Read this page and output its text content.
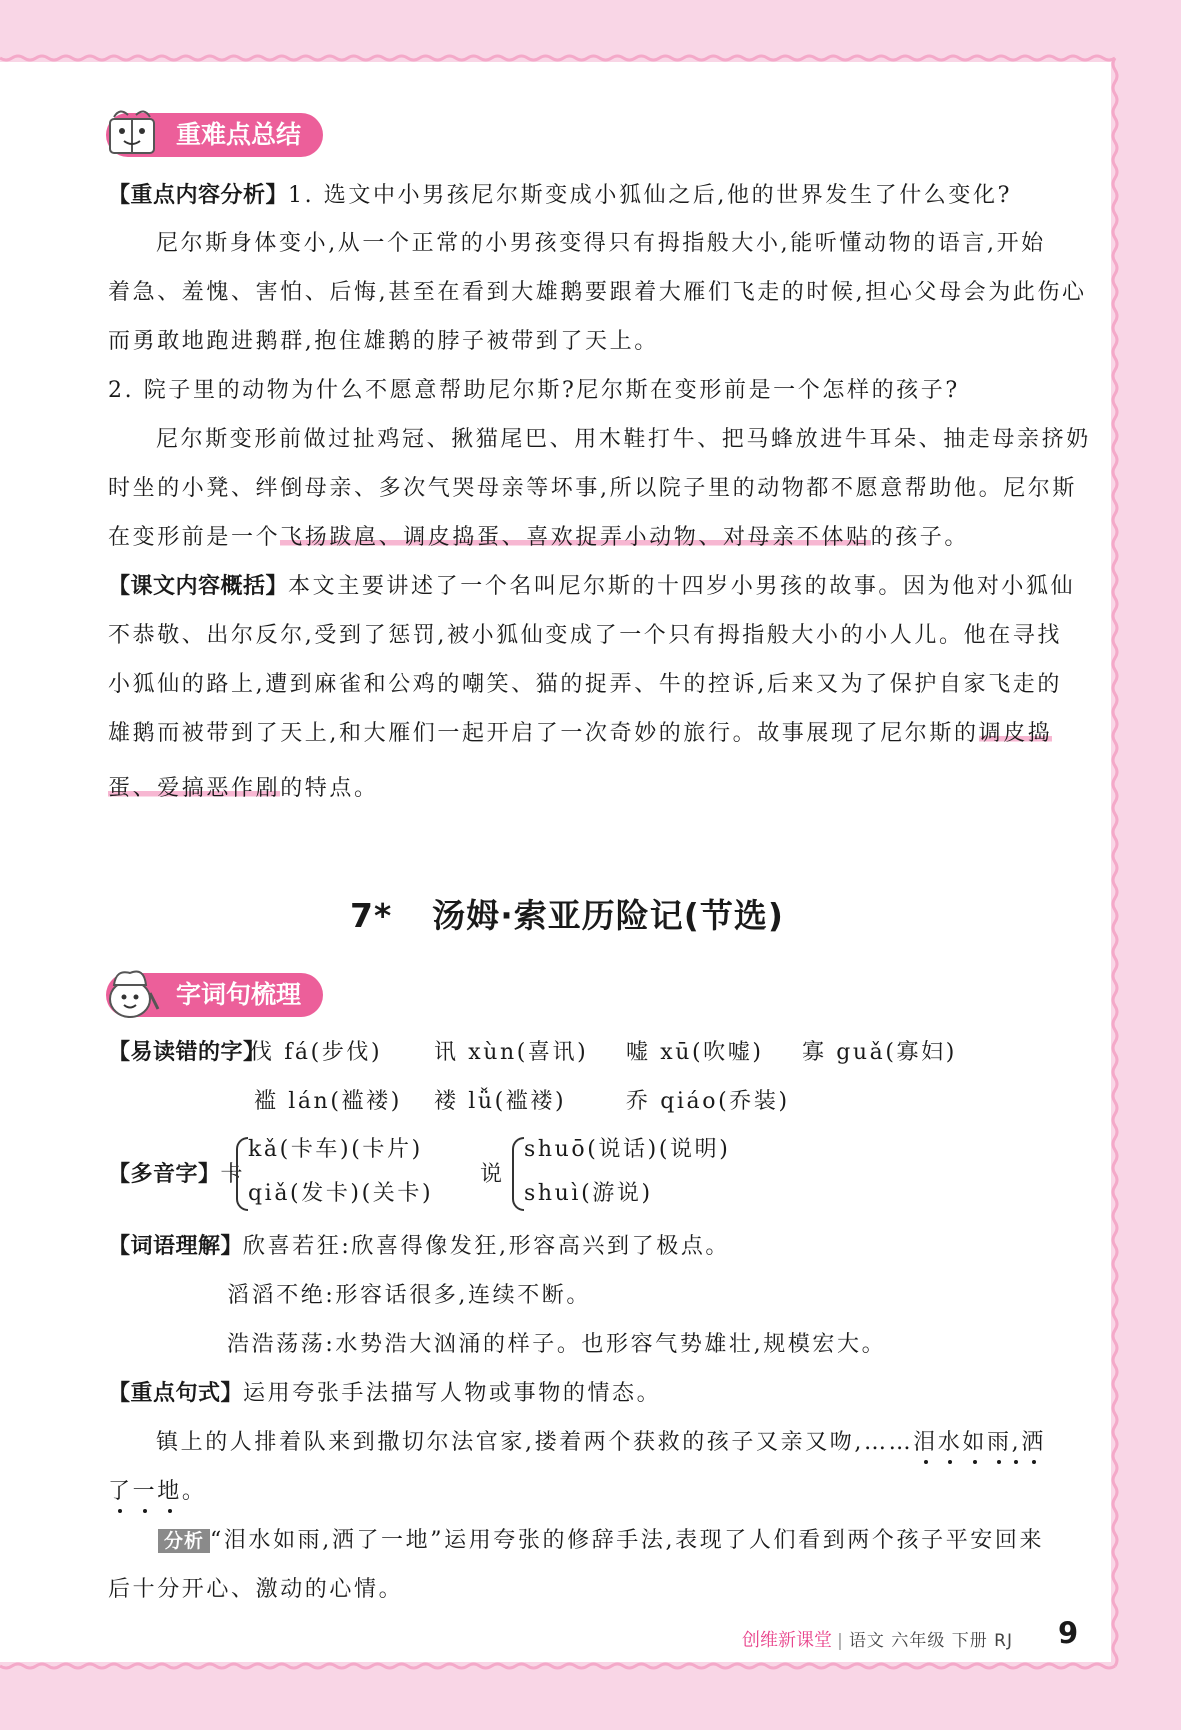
重难点总结
【重点内容分析】1. 选文中小男孩尼尔斯变成小狐仙之后,他的世界发生了什么变化?
尼尔斯身体变小,从一个正常的小男孩变得只有拇指般大小,能听懂动物的语言,开始
着急、羞愧、害怕、后悔,甚至在看到大雄鹅要跟着大雁们飞走的时候,担心父母会为此伤心
而勇敢地跑进鹅群,抱住雄鹅的脖子被带到了天上。
2. 院子里的动物为什么不愿意帮助尼尔斯?尼尔斯在变形前是一个怎样的孩子?
尼尔斯变形前做过扯鸡冠、揪猫尾巴、用木鞋打牛、把马蜂放进牛耳朵、抽走母亲挤奶
时坐的小凳、绊倒母亲、多次气哭母亲等坏事,所以院子里的动物都不愿意帮助他。尼尔斯
在变形前是一个飞扬跋扈、调皮捣蛋、喜欢捉弄小动物、对母亲不体贴的孩子。
【课文内容概括】本文主要讲述了一个名叫尼尔斯的十四岁小男孩的故事。因为他对小狐仙
不恭敬、出尔反尔,受到了惩罚,被小狐仙变成了一个只有拇指般大小的小人儿。他在寻找
小狐仙的路上,遭到麻雀和公鸡的嘲笑、猫的捉弄、牛的控诉,后来又为了保护自家飞走的
雄鹅而被带到了天上,和大雁们一起开启了一次奇妙的旅行。故事展现了尼尔斯的调皮捣
蛋、爱搞恶作剧的特点。
7* 汤姆·索亚历险记(节选)
字词句梳理
【易读错的字】
伐 fá(步伐) 讯 xùn(喜讯) 嘘 xū(吹嘘) 寡 guǎ(寡妇)
褴 lán(褴褛) 褛 lǚ(褴褛)	乔 qiáo(乔装)
【多音字】卡
kǎ(卡车)(卡片)
qiǎ(发卡)(关卡)
说
shuō(说话)(说明)
shuì(游说)
【词语理解】欣喜若狂:欣喜得像发狂,形容高兴到了极点。
滔滔不绝:形容话很多,连续不断。
浩浩荡荡:水势浩大汹涌的样子。也形容气势雄壮,规模宏大。
【重点句式】运用夸张手法描写人物或事物的情态。
镇上的人排着队来到撒切尔法官家,搂着两个获救的孩子又亲又吻,……泪水如雨,洒
了一地。
分析 “泪水如雨,洒了一地”运用夸张的修辞手法,表现了人们看到两个孩子平安回来
后十分开心、激动的心情。
创维新课堂 | 语文 六年级 下册 RJ 9
